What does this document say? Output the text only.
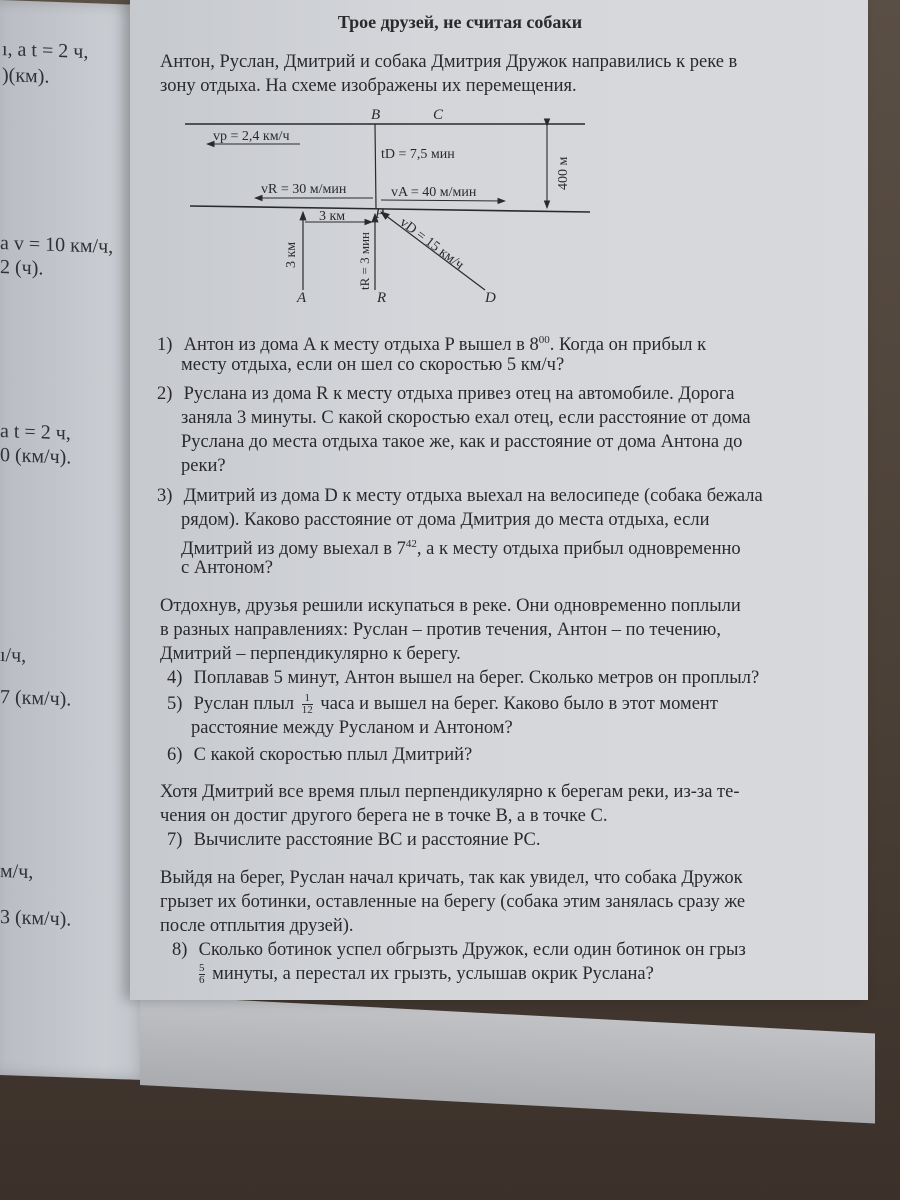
ı, a t = 2 ч,
)(км).
a v = 10 км/ч,
2 (ч).
a t = 2 ч,
0 (км/ч).
ı/ч,
7 (км/ч).
м/ч,
3 (км/ч).
Трое друзей, не считая собаки
Антон, Руслан, Дмитрий и собака Дмитрия Дружок направились к реке в
зону отдыха. На схеме изображены их перемещения.
B	C
vр = 2,4 км/ч
tD = 7,5 мин
vR = 30 м/мин	vA = 40 м/мин
400 м
3 км P
3 км	tR = 3 мин vD = 15 км/ч
A	R	D
1) Антон из дома A к месту отдыха P вышел в $8^{00}$. Когда он прибыл к
месту отдыха, если он шел со скоростью 5 км/ч?
2) Руслана из дома R к месту отдыха привез отец на автомобиле. Дорога
заняла 3 минуты. С какой скоростью ехал отец, если расстояние от дома
Руслана до места отдыха такое же, как и расстояние от дома Антона до
реки?
3) Дмитрий из дома D к месту отдыха выехал на велосипеде (собака бежала
рядом). Каково расстояние от дома Дмитрия до места отдыха, если
Дмитрий из дому выехал в $7^{42}$, а к месту отдыха прибыл одновременно
с Антоном?
Отдохнув, друзья решили искупаться в реке. Они одновременно поплыли
в разных направлениях: Руслан – против течения, Антон – по течению,
Дмитрий – перпендикулярно к берегу.
4) Поплавав 5 минут, Антон вышел на берег. Сколько метров он проплыл?
5) Руслан плыл $\frac{1}{12}$ часа и вышел на берег. Каково было в этот момент
расстояние между Русланом и Антоном?
6) С какой скоростью плыл Дмитрий?
Хотя Дмитрий все время плыл перпендикулярно к берегам реки, из-за те-
чения он достиг другого берега не в точке B, а в точке C.
7) Вычислите расстояние BC и расстояние PC.
Выйдя на берег, Руслан начал кричать, так как увидел, что собака Дружок
грызет их ботинки, оставленные на берегу (собака этим занялась сразу же
после отплытия друзей).
8) Сколько ботинок успел обгрызть Дружок, если один ботинок он грыз
$\frac{5}{6}$ минуты, а перестал их грызть, услышав окрик Руслана?
